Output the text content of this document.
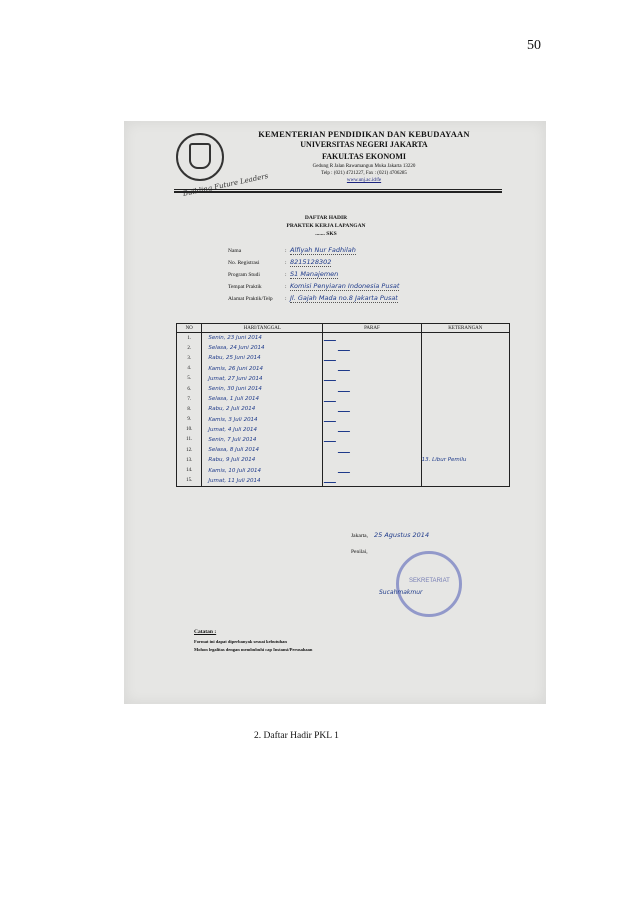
50
Building Future Leaders
KEMENTERIAN PENDIDIKAN DAN KEBUDAYAAN
UNIVERSITAS NEGERI JAKARTA
FAKULTAS EKONOMI
Gedung R Jalan Rawamangun Muka Jakarta 13220
Telp : (021) 4721227, Fax : (021) 4706285
www.unj.ac.id/fe
DAFTAR HADIR
PRAKTEK KERJA LAPANGAN
....... SKS
Nama	: Alfiyah Nur Fadhilah
No. Registrasi	: 8215128302
Program Studi	: S1 Manajemen
Tempat Praktik	: Komisi Penyiaran Indonesia Pusat
Alamat Praktik/Telp : Jl. Gajah Mada no.8 Jakarta Pusat
NO	HARI/TANGGAL	PARAF	KETERANGAN
1.	Senin, 23 Juni 2014		
2.	Selasa, 24 Juni 2014		
3.	Rabu, 25 Juni 2014		
4.	Kamis, 26 Juni 2014		
5.	Jumat, 27 Juni 2014		
6.	Senin, 30 Juni 2014		
7.	Selasa, 1 Juli 2014		
8.	Rabu, 2 Juli 2014		
9.	Kamis, 3 Juli 2014		
10.	Jumat, 4 Juli 2014		
11.	Senin, 7 Juli 2014		
12.	Selasa, 8 Juli 2014		
13.	Rabu, 9 Juli 2014		13. Libur Pemilu
14.	Kamis, 10 Juli 2014		
15.	Jumat, 11 Juli 2014		
Jakarta, 25 Agustus 2014
Penilai,
SEKRETARIAT
Sucahmakmur
Catatan :
Format ini dapat diperbanyak sesuai kebutuhan
Mohon legalitas dengan membubuhi cap Instansi/Perusahaan
2. Daftar Hadir PKL 1
